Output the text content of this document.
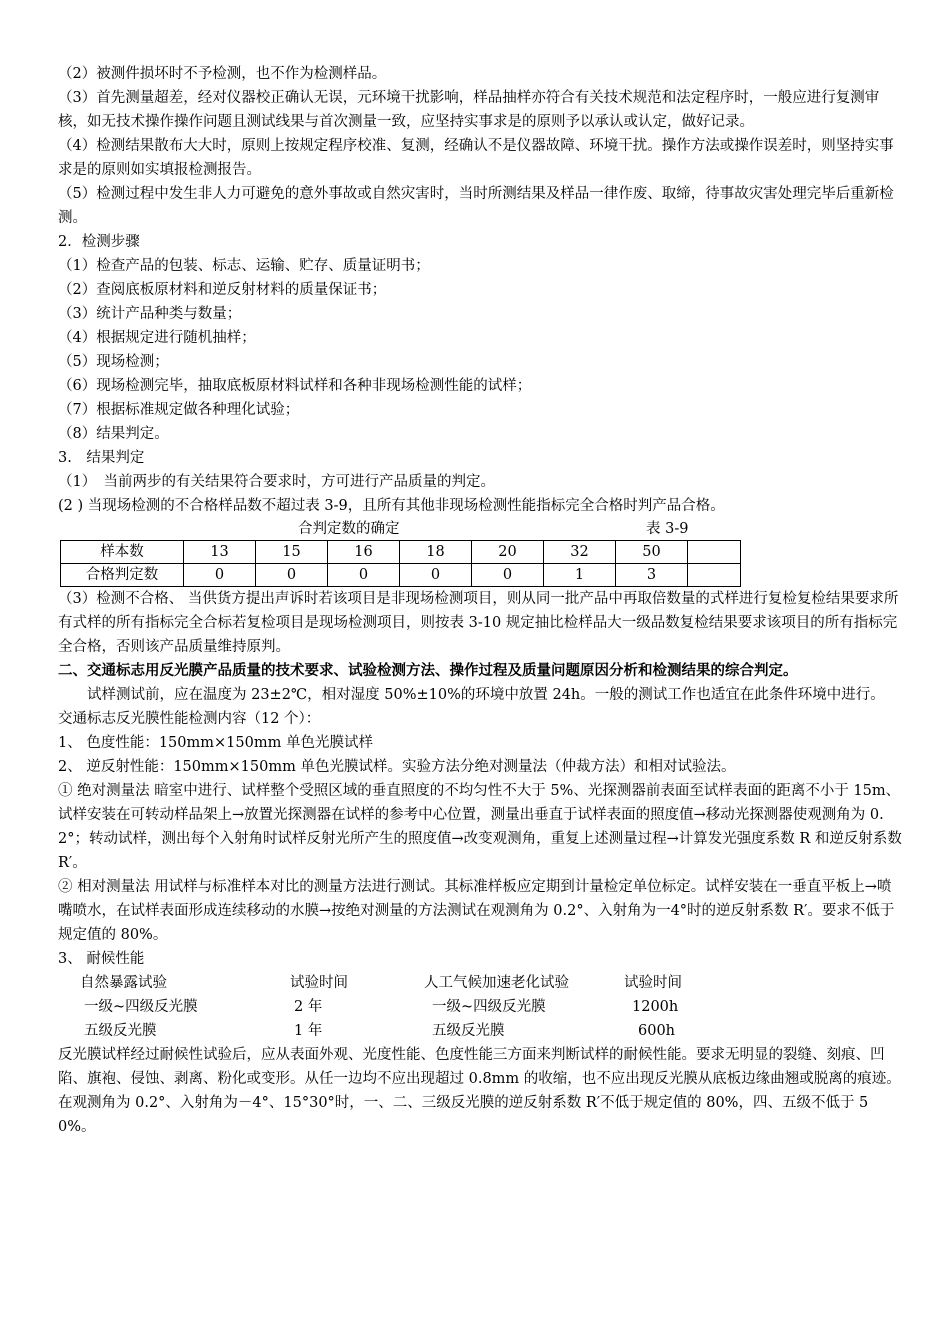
（2）被测件损坏时不予检测，也不作为检测样品。

（3）首先测量超差，经对仪器校正确认无误，元环境干扰影响，样品抽样亦符合有关技术规范和法定程序时，一般应进行复测审核，如无技术操作操作问题且测试线果与首次测量一致，应坚持实事求是的原则予以承认或认定，做好记录。

（4）检测结果散布大大时，原则上按规定程序校准、复测，经确认不是仪器故障、环境干扰。操作方法或操作误差时，则坚持实事求是的原则如实填报检测报告。

（5）检测过程中发生非人力可避免的意外事故或自然灾害时，当时所测结果及样品一律作废、取缔，待事故灾害处理完毕后重新检测。

2．检测步骤

（1）检查产品的包装、标志、运输、贮存、质量证明书；

（2）查阅底板原材料和逆反射材料的质量保证书；

（3）统计产品种类与数量；

（4）根据规定进行随机抽样；

（5）现场检测；

（6）现场检测完毕，抽取底板原材料试样和各种非现场检测性能的试样；

（7）根据标准规定做各种理化试验；

（8）结果判定。

3.　结果判定

（1）　当前两步的有关结果符合要求时，方可进行产品质量的判定。

(2 ) 当现场检测的不合格样品数不超过表 3-9，且所有其他非现场检测性能指标完全合格时判产品合格。

合判定数的确定	表 3-9
样本数	13	15	16	18	20	32	50	
合格判定数	0	0	0	0	0	1	3	

（3）检测不合格、 当供货方提出声诉时若该项目是非现场检测项目，则从同一批产品中再取倍数量的式样进行复检复检结果要求所有式样的所有指标完全合标若复检项目是现场检测项目，则按表 3-10 规定抽比检样品大一级品数复检结果要求该项目的所有指标完全合格，否则该产品质量维持原判。

二、交通标志用反光膜产品质量的技术要求、试验检测方法、操作过程及质量问题原因分析和检测结果的综合判定。

试样测试前，应在温度为 23±2℃，相对湿度 50%±10%的环境中放置 24h。一般的测试工作也适宜在此条件环境中进行。

交通标志反光膜性能检测内容（12 个）：

1、 色度性能：150mm×150mm 单色光膜试样

2、 逆反射性能：150mm×150mm 单色光膜试样。实验方法分绝对测量法（仲裁方法）和相对试验法。

① 绝对测量法 暗室中进行、试样整个受照区域的垂直照度的不均匀性不大于 5%、光探测器前表面至试样表面的距离不小于 15m、试样安装在可转动样品架上→放置光探测器在试样的参考中心位置，测量出垂直于试样表面的照度值→移动光探测器使观测角为 0.2°；转动试样，测出每个入射角时试样反射光所产生的照度值→改变观测角，重复上述测量过程→计算发光强度系数 R 和逆反射系数 R′。

② 相对测量法 用试样与标准样本对比的测量方法进行测试。其标准样板应定期到计量检定单位标定。试样安装在一垂直平板上→喷嘴喷水，在试样表面形成连续移动的水膜→按绝对测量的方法测试在观测角为 0.2°、入射角为一4°时的逆反射系数 R′。要求不低于规定值的 80%。

3、 耐候性能

自然暴露试验	试验时间	人工气候加速老化试验	试验时间
一级~四级反光膜	2 年	一级~四级反光膜	1200h
五级反光膜	1 年	五级反光膜	600h

反光膜试样经过耐候性试验后，应从表面外观、光度性能、色度性能三方面来判断试样的耐候性能。要求无明显的裂缝、刻痕、凹陷、旗袍、侵蚀、剥离、粉化或变形。从任一边均不应出现超过 0.8mm 的收缩，也不应出现反光膜从底板边缘曲翘或脱离的痕迹。在观测角为 0.2°、入射角为－4°、15°30°时，一、二、三级反光膜的逆反射系数 R′不低于规定值的 80%，四、五级不低于 50%。
